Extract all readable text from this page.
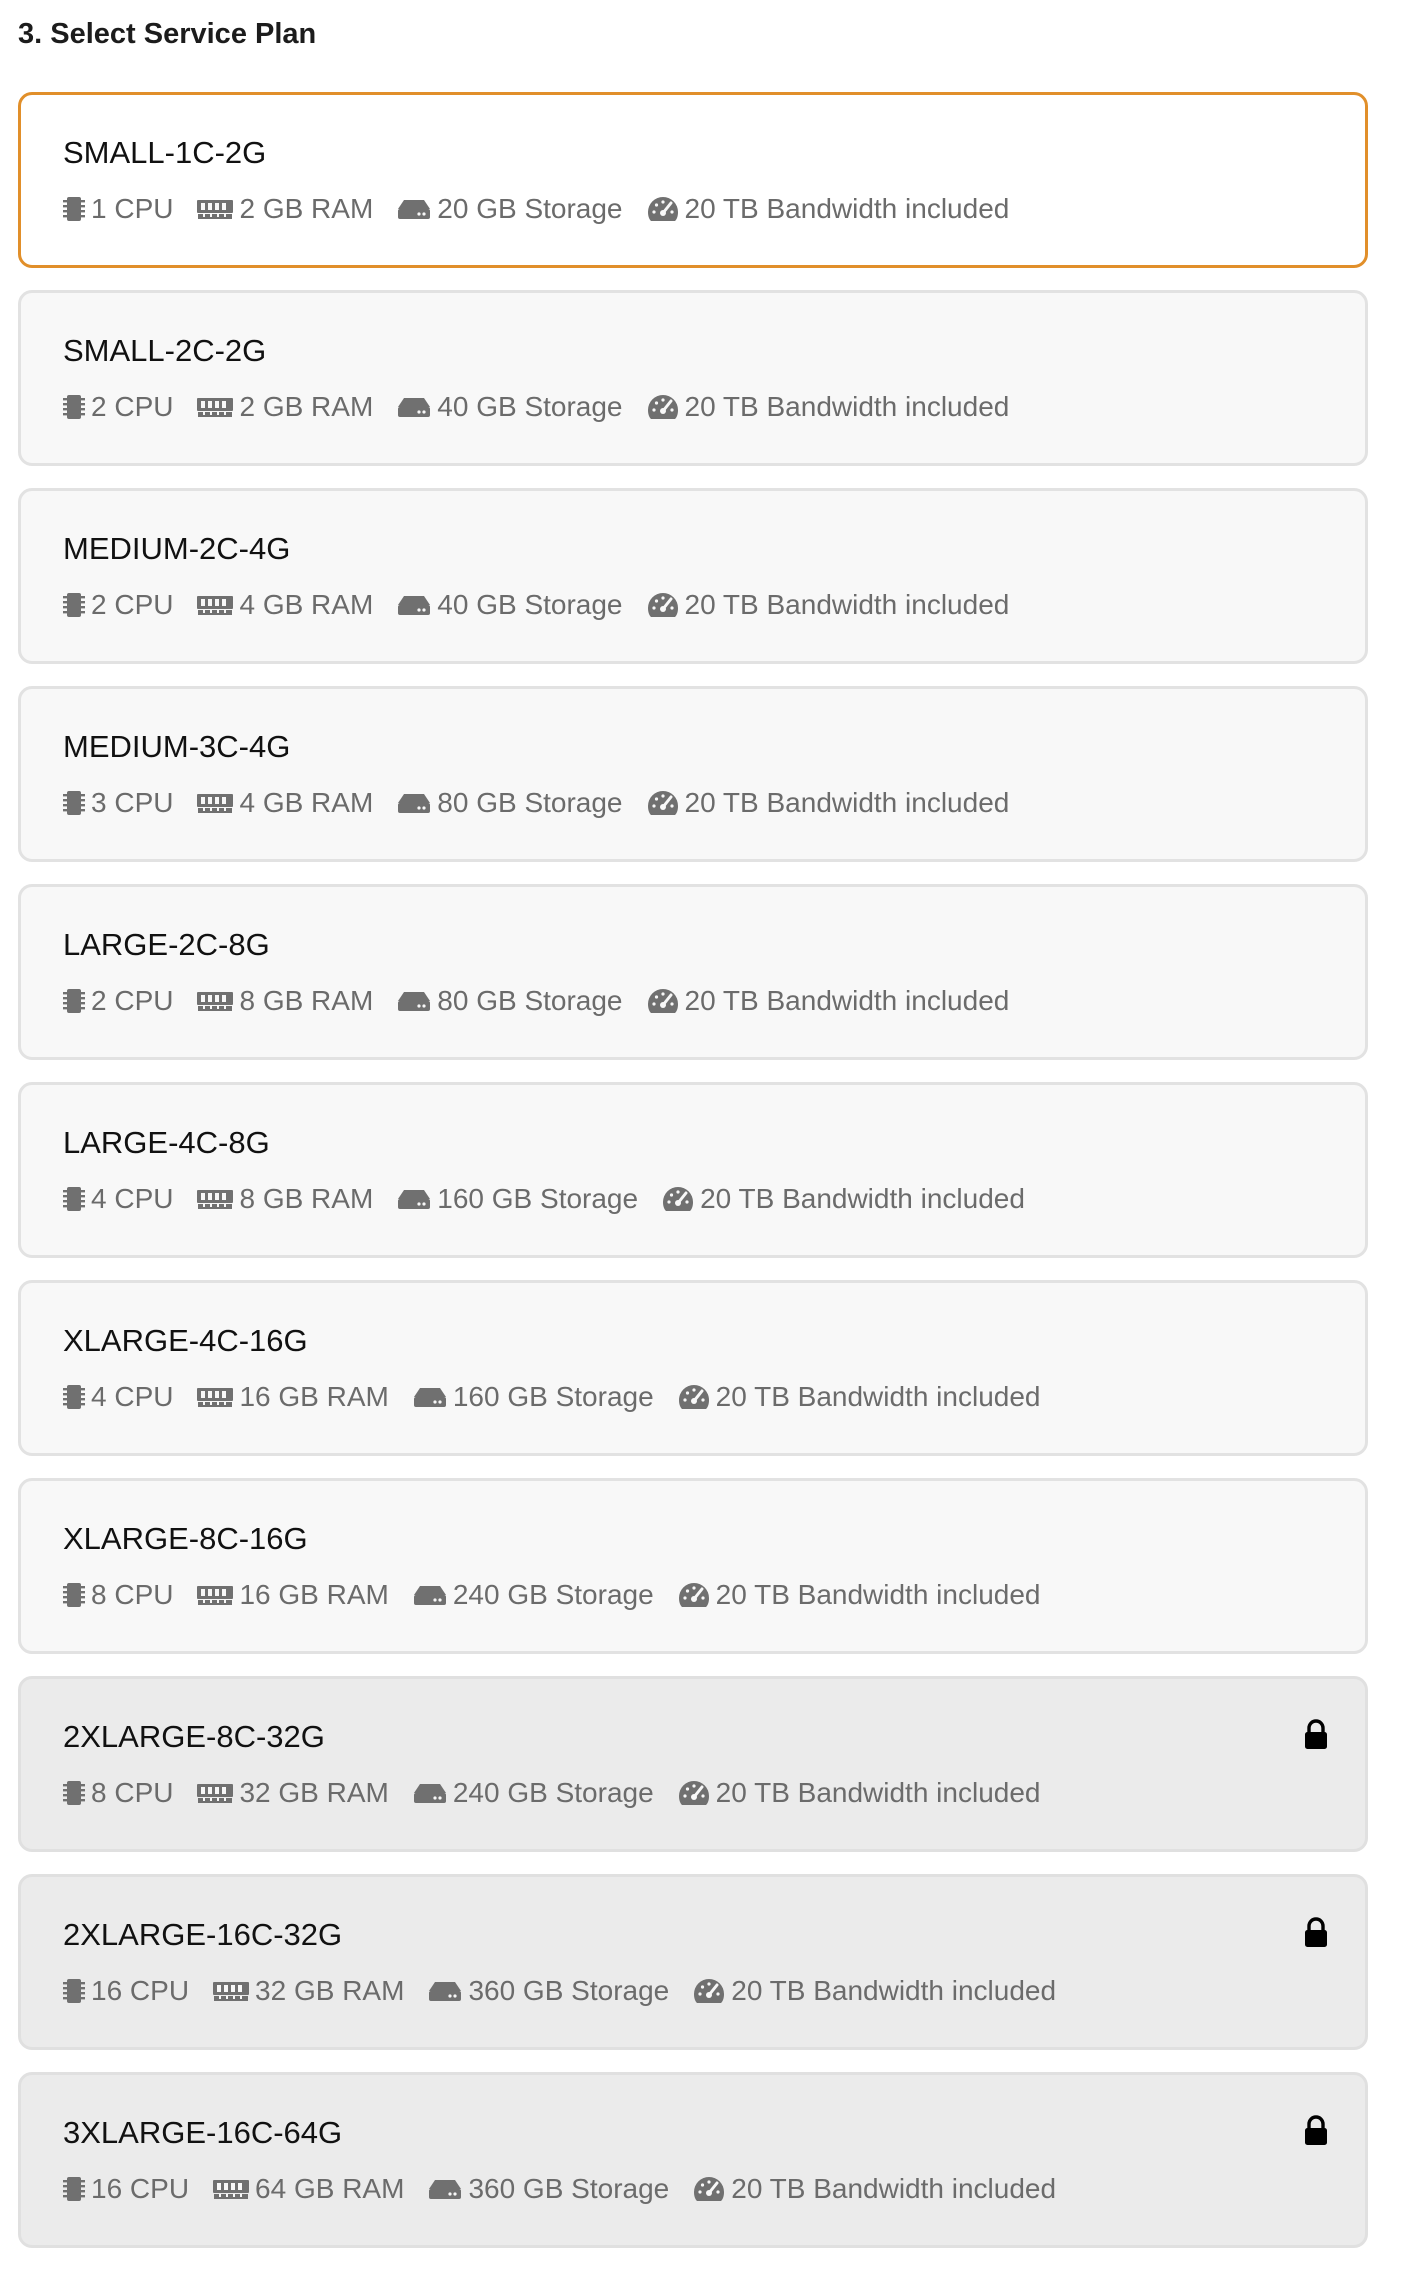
3. Select Service Plan
SMALL-1C-2G
1 CPU 2 GB RAM 20 GB Storage 20 TB Bandwidth included
SMALL-2C-2G
2 CPU 2 GB RAM 40 GB Storage 20 TB Bandwidth included
MEDIUM-2C-4G
2 CPU 4 GB RAM 40 GB Storage 20 TB Bandwidth included
MEDIUM-3C-4G
3 CPU 4 GB RAM 80 GB Storage 20 TB Bandwidth included
LARGE-2C-8G
2 CPU 8 GB RAM 80 GB Storage 20 TB Bandwidth included
LARGE-4C-8G
4 CPU 8 GB RAM 160 GB Storage 20 TB Bandwidth included
XLARGE-4C-16G
4 CPU 16 GB RAM 160 GB Storage 20 TB Bandwidth included
XLARGE-8C-16G
8 CPU 16 GB RAM 240 GB Storage 20 TB Bandwidth included
2XLARGE-8C-32G
8 CPU 32 GB RAM 240 GB Storage 20 TB Bandwidth included
2XLARGE-16C-32G
16 CPU 32 GB RAM 360 GB Storage 20 TB Bandwidth included
3XLARGE-16C-64G
16 CPU 64 GB RAM 360 GB Storage 20 TB Bandwidth included
